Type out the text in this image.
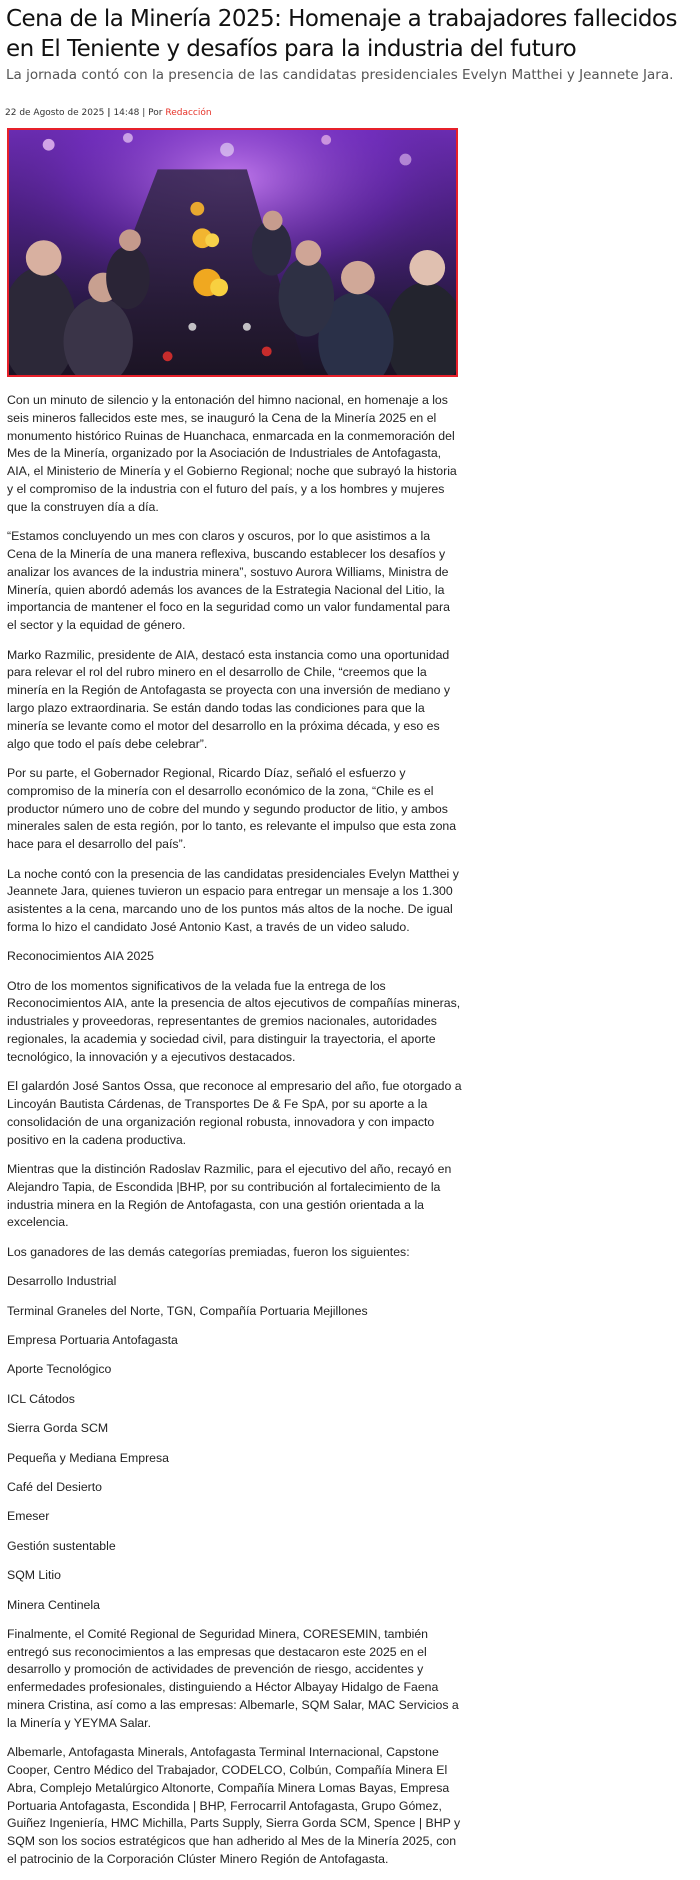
Cena de la Minería 2025: Homenaje a trabajadores fallecidos en El Teniente y desafíos para la industria del futuro

La jornada contó con la presencia de las candidatas presidenciales Evelyn Matthei y Jeannete Jara.

22 de Agosto de 2025 | 14:48 | Por Redacción

Con un minuto de silencio y la entonación del himno nacional, en homenaje a los seis mineros fallecidos este mes, se inauguró la Cena de la Minería 2025 en el monumento histórico Ruinas de Huanchaca, enmarcada en la conmemoración del Mes de la Minería, organizado por la Asociación de Industriales de Antofagasta, AIA, el Ministerio de Minería y el Gobierno Regional; noche que subrayó la historia y el compromiso de la industria con el futuro del país, y a los hombres y mujeres que la construyen día a día.

“Estamos concluyendo un mes con claros y oscuros, por lo que asistimos a la Cena de la Minería de una manera reflexiva, buscando establecer los desafíos y analizar los avances de la industria minera”, sostuvo Aurora Williams, Ministra de Minería, quien abordó además los avances de la Estrategia Nacional del Litio, la importancia de mantener el foco en la seguridad como un valor fundamental para el sector y la equidad de género.

Marko Razmilic, presidente de AIA, destacó esta instancia como una oportunidad para relevar el rol del rubro minero en el desarrollo de Chile, “creemos que la minería en la Región de Antofagasta se proyecta con una inversión de mediano y largo plazo extraordinaria. Se están dando todas las condiciones para que la minería se levante como el motor del desarrollo en la próxima década, y eso es algo que todo el país debe celebrar”.

Por su parte, el Gobernador Regional, Ricardo Díaz, señaló el esfuerzo y compromiso de la minería con el desarrollo económico de la zona, “Chile es el productor número uno de cobre del mundo y segundo productor de litio, y ambos minerales salen de esta región, por lo tanto, es relevante el impulso que esta zona hace para el desarrollo del país”.

La noche contó con la presencia de las candidatas presidenciales Evelyn Matthei y Jeannete Jara, quienes tuvieron un espacio para entregar un mensaje a los 1.300 asistentes a la cena, marcando uno de los puntos más altos de la noche. De igual forma lo hizo el candidato José Antonio Kast, a través de un video saludo.

Reconocimientos AIA 2025

Otro de los momentos significativos de la velada fue la entrega de los Reconocimientos AIA, ante la presencia de altos ejecutivos de compañías mineras, industriales y proveedoras, representantes de gremios nacionales, autoridades regionales, la academia y sociedad civil, para distinguir la trayectoria, el aporte tecnológico, la innovación y a ejecutivos destacados.

El galardón José Santos Ossa, que reconoce al empresario del año, fue otorgado a Lincoyán Bautista Cárdenas, de Transportes De & Fe SpA, por su aporte a la consolidación de una organización regional robusta, innovadora y con impacto positivo en la cadena productiva.

Mientras que la distinción Radoslav Razmilic, para el ejecutivo del año, recayó en Alejandro Tapia, de Escondida |BHP, por su contribución al fortalecimiento de la industria minera en la Región de Antofagasta, con una gestión orientada a la excelencia.

Los ganadores de las demás categorías premiadas, fueron los siguientes:

Desarrollo Industrial

Terminal Graneles del Norte, TGN, Compañía Portuaria Mejillones

Empresa Portuaria Antofagasta

Aporte Tecnológico

ICL Cátodos

Sierra Gorda SCM

Pequeña y Mediana Empresa

Café del Desierto

Emeser

Gestión sustentable

SQM Litio

Minera Centinela

Finalmente, el Comité Regional de Seguridad Minera, CORESEMIN, también entregó sus reconocimientos a las empresas que destacaron este 2025 en el desarrollo y promoción de actividades de prevención de riesgo, accidentes y enfermedades profesionales, distinguiendo a Héctor Albayay Hidalgo de Faena minera Cristina, así como a las empresas: Albemarle, SQM Salar, MAC Servicios a la Minería y YEYMA Salar.

Albemarle, Antofagasta Minerals, Antofagasta Terminal Internacional, Capstone Cooper, Centro Médico del Trabajador, CODELCO, Colbún, Compañía Minera El Abra, Complejo Metalúrgico Altonorte, Compañía Minera Lomas Bayas, Empresa Portuaria Antofagasta, Escondida | BHP, Ferrocarril Antofagasta, Grupo Gómez, Guiñez Ingeniería, HMC Michilla, Parts Supply, Sierra Gorda SCM, Spence | BHP y SQM son los socios estratégicos que han adherido al Mes de la Minería 2025, con el patrocinio de la Corporación Clúster Minero Región de Antofagasta.
